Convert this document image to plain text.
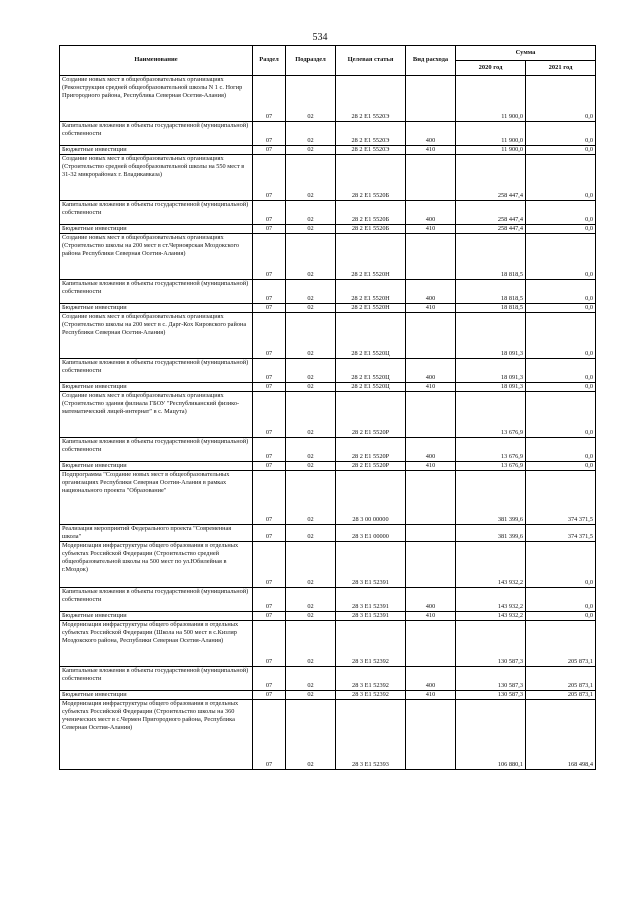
534
Наименование	Раздел	Подраздел	Целевая статья	Вид расхода	Сумма	
					2020 год	2021 год
Создание новых мест в общеобразовательных организациях (Реконструкция средней общеобразовательной школы N 1 с. Ногир Пригородного района, Республика Северная Осетия-Алания)	07	02	28 2 E1 5520Э		11 900,0	0,0
Капитальные вложения в объекты государственной (муниципальной) собственности	07	02	28 2 E1 5520Э	400	11 900,0	0,0
Бюджетные инвестиции	07	02	28 2 E1 5520Э	410	11 900,0	0,0
Создание новых мест в общеобразовательных организациях (Строительство средней общеобразовательной школы на 550 мест в 31-32 микрорайонах г. Владикавказа)	07	02	28 2 E1 5520Б		258 447,4	0,0
Капитальные вложения в объекты государственной (муниципальной) собственности	07	02	28 2 E1 5520Б	400	258 447,4	0,0
Бюджетные инвестиции	07	02	28 2 E1 5520Б	410	258 447,4	0,0
Создание новых мест в общеобразовательных организациях (Строительство школы на 200 мест в ст.Черноярская Моздокского района Республики Северная Осетия-Алания)	07	02	28 2 E1 5520Н		18 818,5	0,0
Капитальные вложения в объекты государственной (муниципальной) собственности	07	02	28 2 E1 5520Н	400	18 818,5	0,0
Бюджетные инвестиции	07	02	28 2 E1 5520Н	410	18 818,5	0,0
Создание новых мест в общеобразовательных организациях (Строительство школы на 200 мест в с. Дарг-Кох Кировского района Республики Северная Осетия-Алания)	07	02	28 2 E1 5520Ц		18 091,3	0,0
Капитальные вложения в объекты государственной (муниципальной) собственности	07	02	28 2 E1 5520Ц	400	18 091,3	0,0
Бюджетные инвестиции	07	02	28 2 E1 5520Ц	410	18 091,3	0,0
Создание новых мест в общеобразовательных организациях (Строительство здания филиала ГБОУ "Республиканский физико-математический лицей-интернат" в с. Мацута)	07	02	28 2 E1 5520Р		13 676,9	0,0
Капитальные вложения в объекты государственной (муниципальной) собственности	07	02	28 2 E1 5520Р	400	13 676,9	0,0
Бюджетные инвестиции	07	02	28 2 E1 5520Р	410	13 676,9	0,0
Подпрограмма "Создание новых мест в общеобразовательных организациях Республики Северная Осетия-Алания в рамках национального проекта "Образование"	07	02	28 3 00 00000		381 399,6	374 371,5
Реализация мероприятий Федерального проекта "Современная школа"	07	02	28 3 E1 00000		381 399,6	374 371,5
Модернизация инфраструктуры общего образования в отдельных субъектах Российской Федерации (Строительство средней общеобразовательной школы на 500 мест по ул.Юбилейная в г.Моздок)	07	02	28 3 E1 52391		143 932,2	0,0
Капитальные вложения в объекты государственной (муниципальной) собственности	07	02	28 3 E1 52391	400	143 932,2	0,0
Бюджетные инвестиции	07	02	28 3 E1 52391	410	143 932,2	0,0
Модернизация инфраструктуры общего образования в отдельных субъектах Российской Федерации (Школа на 500 мест в с.Кизляр Моздокского района, Республики Северная Осетия-Алания)	07	02	28 3 E1 52392		130 587,3	205 873,1
Капитальные вложения в объекты государственной (муниципальной) собственности	07	02	28 3 E1 52392	400	130 587,3	205 873,1
Бюджетные инвестиции	07	02	28 3 E1 52392	410	130 587,3	205 873,1
Модернизация инфраструктуры общего образования в отдельных субъектах Российской Федерации (Строительство школы на 360 ученических мест в с.Чермен Пригородного района, Республика Северная Осетия-Алания)	07	02	28 3 E1 52393		106 880,1	168 498,4
